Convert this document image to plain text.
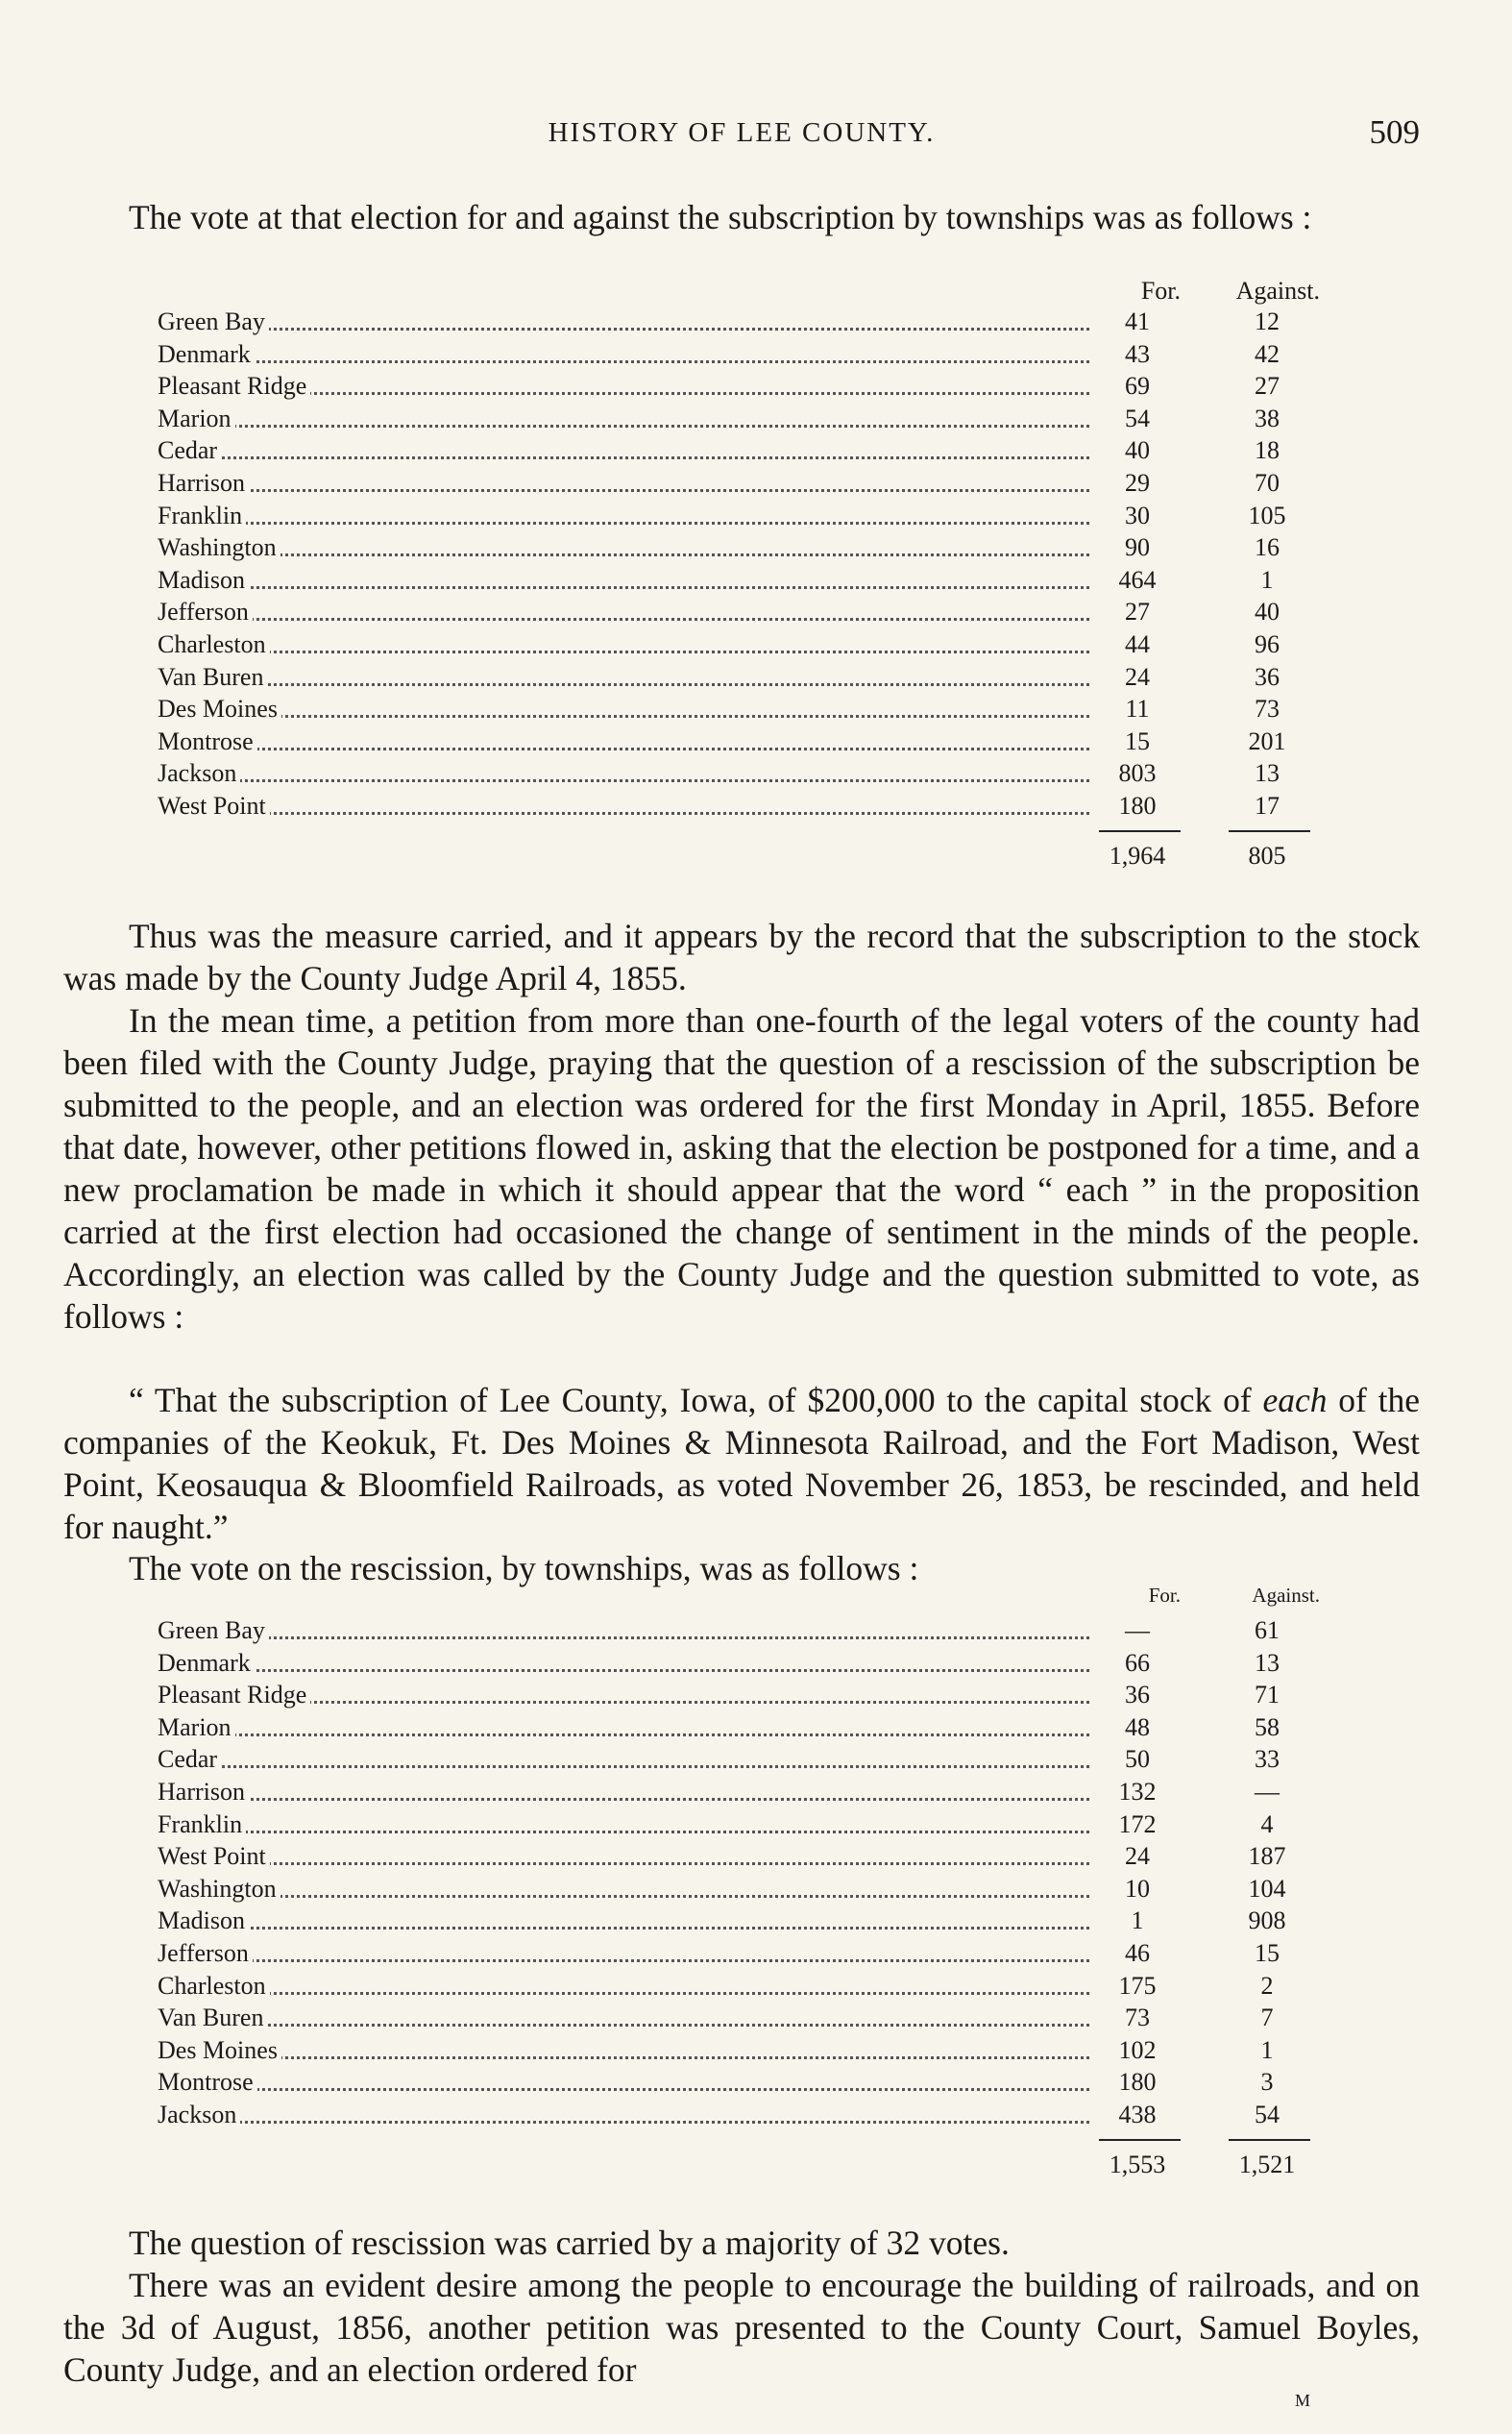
HISTORY OF LEE COUNTY.	509

The vote at that election for and against the subscription by townships was as follows :

For. Against.
Green Bay	41	12
Denmark	43	42
Pleasant Ridge	69	27
Marion	54	38
Cedar	40	18
Harrison	29	70
Franklin	30	105
Washington	90	16
Madison	464	1
Jefferson	27	40
Charleston	44	96
Van Buren	24	36
Des Moines	11	73
Montrose	15	201
Jackson	803	13
West Point	180	17
1,964	805

Thus was the measure carried, and it appears by the record that the subscription to the stock was made by the County Judge April 4, 1855.

In the mean time, a petition from more than one-fourth of the legal voters of the county had been filed with the County Judge, praying that the question of a rescission of the subscription be submitted to the people, and an election was ordered for the first Monday in April, 1855. Before that date, however, other petitions flowed in, asking that the election be postponed for a time, and a new proclamation be made in which it should appear that the word “ each ” in the proposition carried at the first election had occasioned the change of sentiment in the minds of the people. Accordingly, an election was called by the County Judge and the question submitted to vote, as follows :

“ That the subscription of Lee County, Iowa, of $200,000 to the capital stock of each of the companies of the Keokuk, Ft. Des Moines & Minnesota Railroad, and the Fort Madison, West Point, Keosauqua & Bloomfield Railroads, as voted November 26, 1853, be rescinded, and held for naught.”

The vote on the rescission, by townships, was as follows :

For.	Against.
Green Bay	—	61
Denmark	66	13
Pleasant Ridge	36	71
Marion	48	58
Cedar	50	33
Harrison	132	—
Franklin	172	4
West Point	24	187
Washington	10	104
Madison	1	908
Jefferson	46	15
Charleston	175	2
Van Buren	73	7
Des Moines	102	1
Montrose	180	3
Jackson	438	54
1,553	1,521

The question of rescission was carried by a majority of 32 votes.

There was an evident desire among the people to encourage the building of railroads, and on the 3d of August, 1856, another petition was presented to the County Court, Samuel Boyles, County Judge, and an election ordered for

M
